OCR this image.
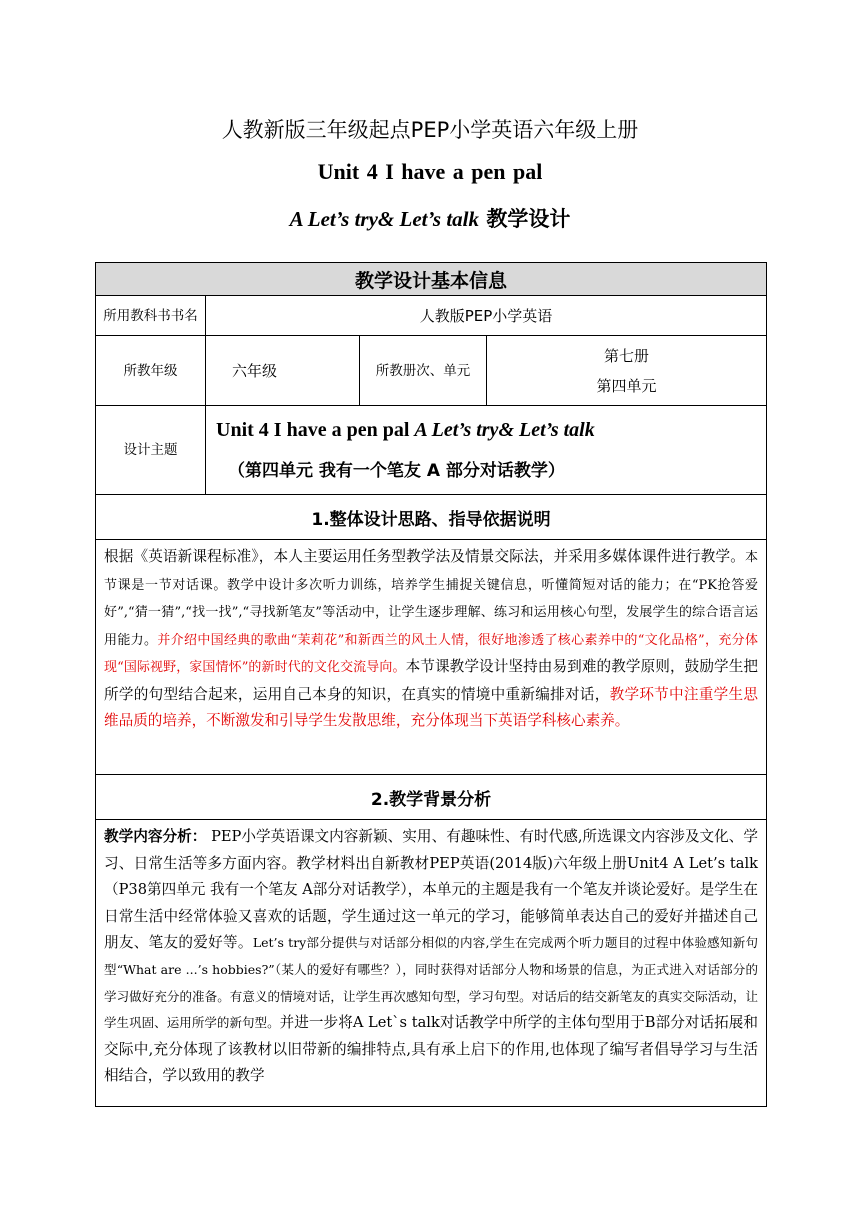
人教新版三年级起点PEP小学英语六年级上册
Unit 4 I have a pen pal
A Let’s try& Let’s talk 教学设计
教学设计基本信息			
所用教科书书名	人教版PEP小学英语		
所教年级	六年级	所教册次、单元	第七册
第四单元

设计主题	Unit 4 I have a pen pal A Let’s try& Let’s talk
（第四单元 我有一个笔友 A 部分对话教学）		

1.整体设计思路、指导依据说明			

根据《英语新课程标准》，本人主要运用任务型教学法及情景交际法，并采用多媒体课件进行教学。本节课是一节对话课。教学中设计多次听力训练，培养学生捕捉关键信息，听懂简短对话的能力；在“PK抢答爱好”,“猜一猜”,“找一找”,“寻找新笔友”等活动中，让学生逐步理解、练习和运用核心句型，发展学生的综合语言运用能力。并介绍中国经典的歌曲“茉莉花”和新西兰的风土人情，很好地渗透了核心素养中的“文化品格”，充分体现“国际视野，家国情怀”的新时代的文化交流导向。本节课教学设计坚持由易到难的教学原则，鼓励学生把所学的句型结合起来，运用自己本身的知识，在真实的情境中重新编排对话，教学环节中注重学生思维品质的培养，不断激发和引导学生发散思维，充分体现当下英语学科核心素养。			

2.教学背景分析			

教学内容分析： PEP小学英语课文内容新颖、实用、有趣味性、有时代感,所选课文内容涉及文化、学习、日常生活等多方面内容。教学材料出自新教材PEP英语(2014版)六年级上册Unit4 A Let’s talk（P38第四单元 我有一个笔友 A部分对话教学），本单元的主题是我有一个笔友并谈论爱好。是学生在日常生活中经常体验又喜欢的话题，学生通过这一单元的学习，能够简单表达自己的爱好并描述自己朋友、笔友的爱好等。Let’s try部分提供与对话部分相似的内容,学生在完成两个听力题目的过程中体验感知新句型“What are ...’s hobbies?”（某人的爱好有哪些？），同时获得对话部分人物和场景的信息，为正式进入对话部分的学习做好充分的准备。有意义的情境对话，让学生再次感知句型，学习句型。对话后的结交新笔友的真实交际活动，让学生巩固、运用所学的新句型。并进一步将A Let`s talk对话教学中所学的主体句型用于B部分对话拓展和交际中,充分体现了该教材以旧带新的编排特点,具有承上启下的作用,也体现了编写者倡导学习与生活相结合，学以致用的教学			
